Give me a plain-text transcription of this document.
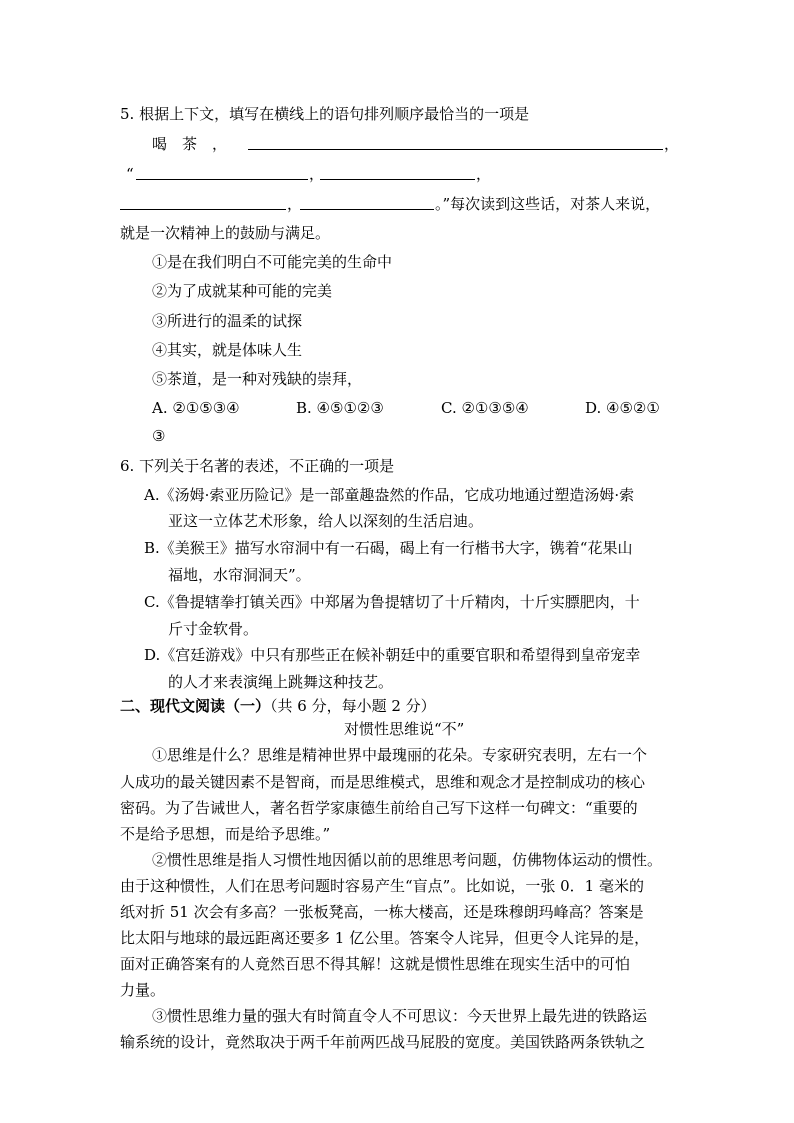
5. 根据上下文，填写在横线上的语句排列顺序最恰当的一项是
喝　茶　，	，
“	，	，
，	。”每次读到这些话，对茶人来说，
就是一次精神上的鼓励与满足。
①是在我们明白不可能完美的生命中
②为了成就某种可能的完美
③所进行的温柔的试探
④其实，就是体味人生
⑤茶道，是一种对残缺的崇拜，
A. ②①⑤③④	B. ④⑤①②③	C. ②①③⑤④	D. ④⑤②①
③
6. 下列关于名著的表述，不正确的一项是
A.《汤姆·索亚历险记》是一部童趣盎然的作品，它成功地通过塑造汤姆·索
亚这一立体艺术形象，给人以深刻的生活启迪。
B.《美猴王》描写水帘洞中有一石碣，碣上有一行楷书大字，镌着“花果山
福地，水帘洞洞天”。
C.《鲁提辖拳打镇关西》中郑屠为鲁提辖切了十斤精肉，十斤实膘肥肉，十
斤寸金软骨。
D.《宫廷游戏》中只有那些正在候补朝廷中的重要官职和希望得到皇帝宠幸
的人才来表演绳上跳舞这种技艺。
二、现代文阅读（一）（共 6 分，每小题 2 分）
对惯性思维说“不”
①思维是什么？思维是精神世界中最瑰丽的花朵。专家研究表明，左右一个
人成功的最关键因素不是智商，而是思维模式，思维和观念才是控制成功的核心
密码。为了告诫世人，著名哲学家康德生前给自己写下这样一句碑文：“重要的
不是给予思想，而是给予思维。”
②惯性思维是指人习惯性地因循以前的思维思考问题，仿佛物体运动的惯性。
由于这种惯性，人们在思考问题时容易产生“盲点”。比如说，一张 0．1 毫米的
纸对折 51 次会有多高？一张板凳高，一栋大楼高，还是珠穆朗玛峰高？答案是
比太阳与地球的最远距离还要多 1 亿公里。答案令人诧异，但更令人诧异的是，
面对正确答案有的人竟然百思不得其解！这就是惯性思维在现实生活中的可怕
力量。
③惯性思维力量的强大有时简直令人不可思议：今天世界上最先进的铁路运
输系统的设计，竟然取决于两千年前两匹战马屁股的宽度。美国铁路两条铁轨之
